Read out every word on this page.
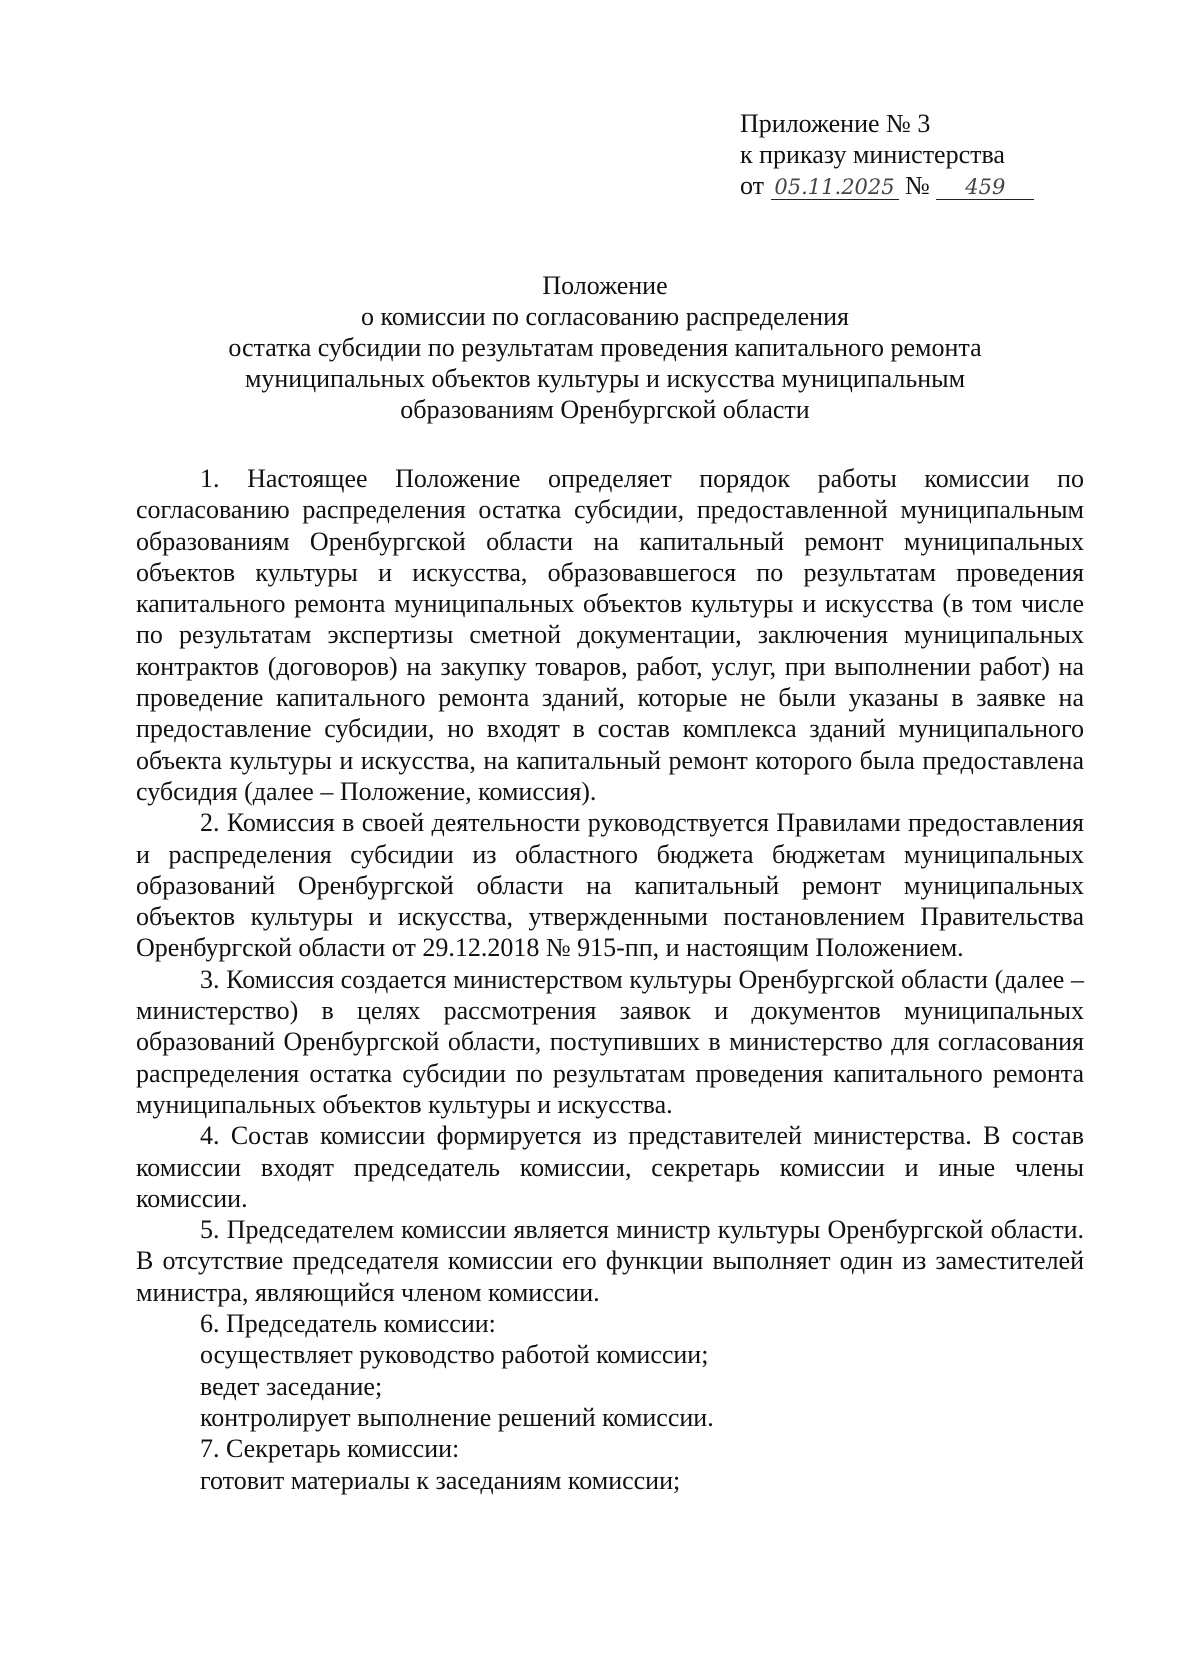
Приложение № 3
к приказу министерства
от 05.11.2025 № 459
Положение
о комиссии по согласованию распределения
остатка субсидии по результатам проведения капитального ремонта
муниципальных объектов культуры и искусства муниципальным
образованиям Оренбургской области

1. Настоящее Положение определяет порядок работы комиссии по согласованию распределения остатка субсидии, предоставленной муниципальным образованиям Оренбургской области на капитальный ремонт муниципальных объектов культуры и искусства, образовавшегося по результатам проведения капитального ремонта муниципальных объектов культуры и искусства (в том числе по результатам экспертизы сметной документации, заключения муниципальных контрактов (договоров) на закупку товаров, работ, услуг, при выполнении работ) на проведение капитального ремонта зданий, которые не были указаны в заявке на предоставление субсидии, но входят в состав комплекса зданий муниципального объекта культуры и искусства, на капитальный ремонт которого была предоставлена субсидия (далее – Положение, комиссия).

2. Комиссия в своей деятельности руководствуется Правилами предоставления и распределения субсидии из областного бюджета бюджетам муниципальных образований Оренбургской области на капитальный ремонт муниципальных объектов культуры и искусства, утвержденными постановлением Правительства Оренбургской области от 29.12.2018 № 915-пп, и настоящим Положением.

3. Комиссия создается министерством культуры Оренбургской области (далее – министерство) в целях рассмотрения заявок и документов муниципальных образований Оренбургской области, поступивших в министерство для согласования распределения остатка субсидии по результатам проведения капитального ремонта муниципальных объектов культуры и искусства.

4. Состав комиссии формируется из представителей министерства. В состав комиссии входят председатель комиссии, секретарь комиссии и иные члены комиссии.

5. Председателем комиссии является министр культуры Оренбургской области. В отсутствие председателя комиссии его функции выполняет один из заместителей министра, являющийся членом комиссии.

6. Председатель комиссии:

осуществляет руководство работой комиссии;

ведет заседание;

контролирует выполнение решений комиссии.

7. Секретарь комиссии:

готовит материалы к заседаниям комиссии;
